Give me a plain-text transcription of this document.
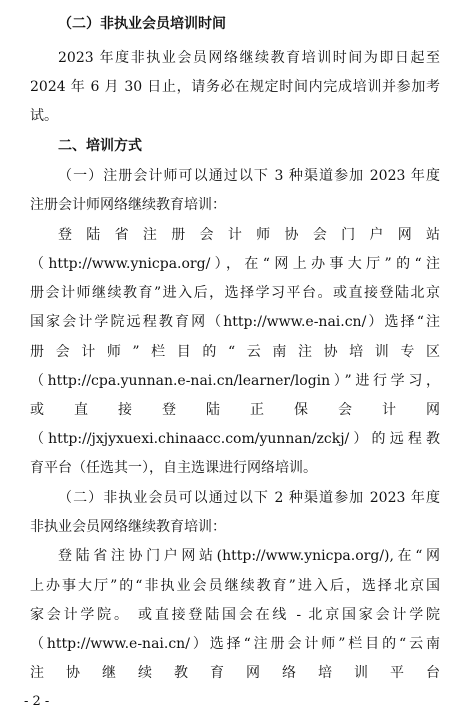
（二）非执业会员培训时间
2023 年度非执业会员网络继续教育培训时间为即日起至
2024 年 6 月 30 日止，请务必在规定时间内完成培训并参加考
试。
二、培训方式
（一）注册会计师可以通过以下 3 种渠道参加 2023 年度
注册会计师网络继续教育培训：
登陆省注册会计师协会门户网站
（http://www.ynicpa.org/），在“网上办事大厅”的“注
册会计师继续教育”进入后，选择学习平台。或直接登陆北京
国家会计学院远程教育网（http://www.e-nai.cn/）选择“注
册会计师”栏目的“云南注协培训专区
（http://cpa.yunnan.e-nai.cn/learner/login）”进行学习，
或直接登陆正保会计网
（http://jxjyxuexi.chinaacc.com/yunnan/zckj/）的远程教
育平台（任选其一），自主选课进行网络培训。
（二）非执业会员可以通过以下 2 种渠道参加 2023 年度
非执业会员网络继续教育培训：
登陆省注协门户网站(http://www.ynicpa.org/),在“网
上办事大厅”的“非执业会员继续教育”进入后，选择北京国
家会计学院。 或直接登陆国会在线 - 北京国家会计学院
（http://www.e-nai.cn/）选择“注册会计师”栏目的“云南
注协继续教育网络培训平台
- 2 -
